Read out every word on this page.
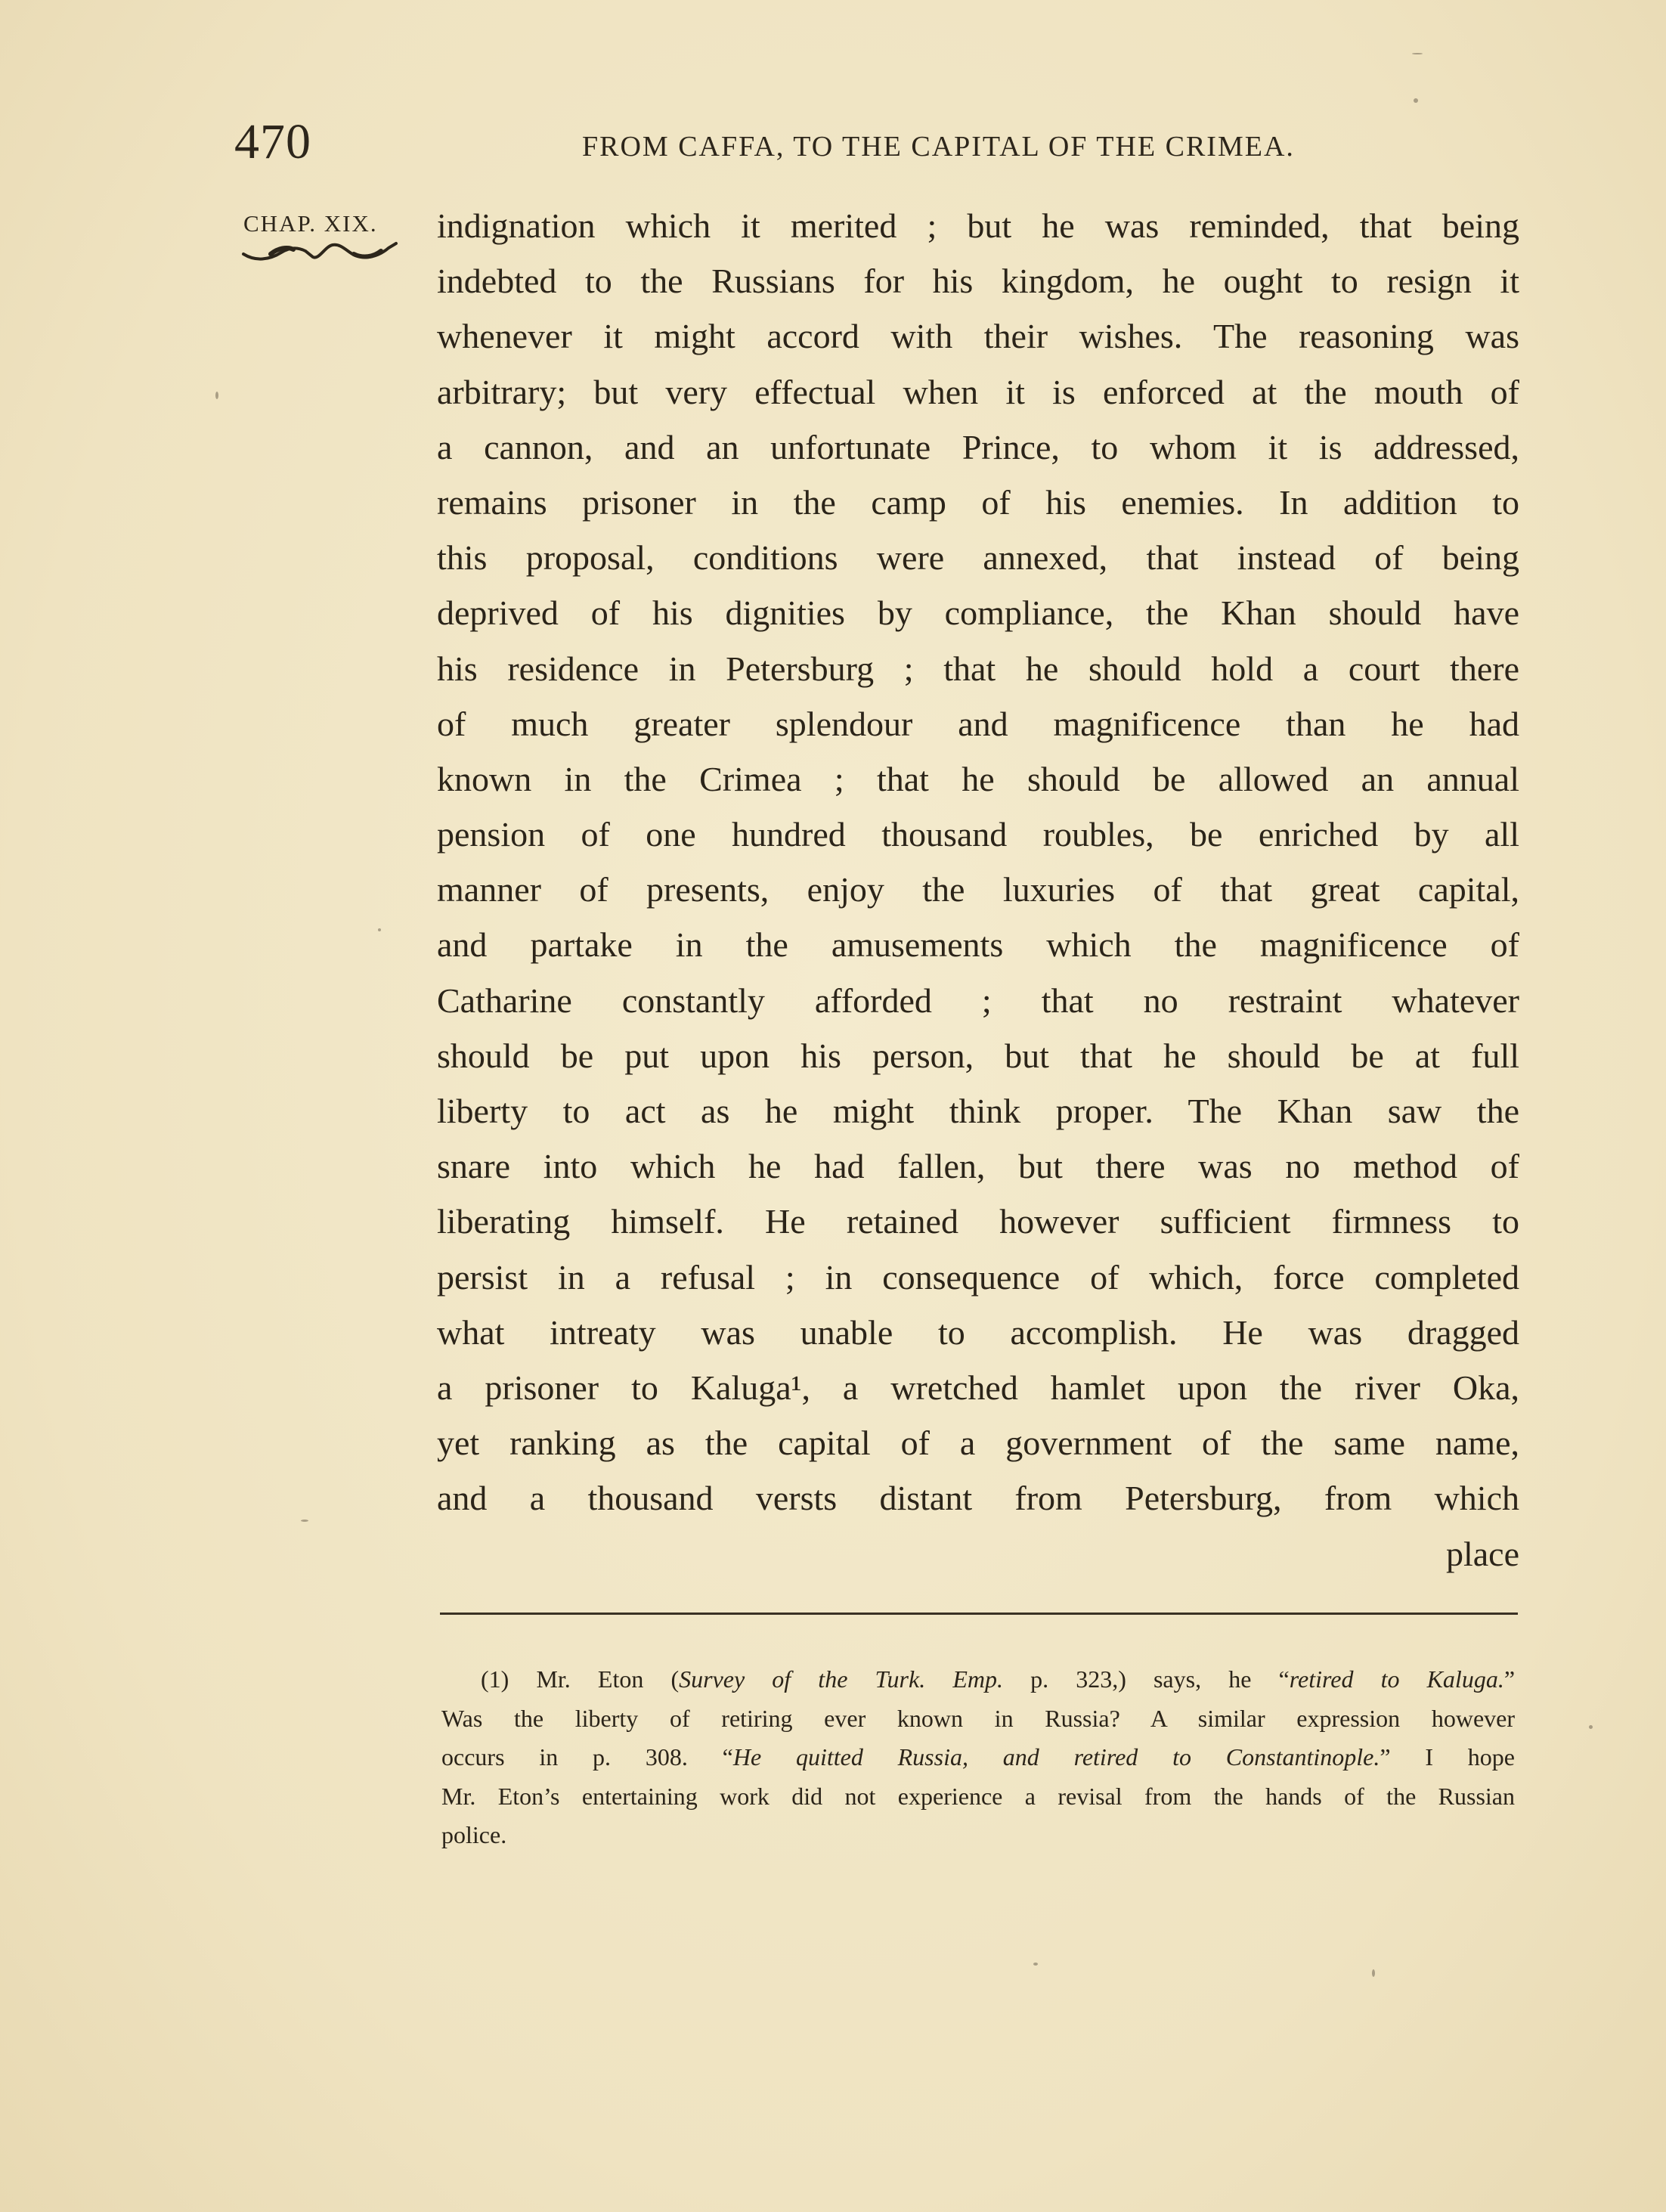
470	FROM CAFFA, TO THE CAPITAL OF THE CRIMEA.
CHAP. XIX. indignation which it merited ; but he was reminded, that being
indebted to the Russians for his kingdom, he ought to resign it
whenever it might accord with their wishes. The reasoning was
arbitrary; but very effectual when it is enforced at the mouth of
a cannon, and an unfortunate Prince, to whom it is addressed,
remains prisoner in the camp of his enemies. In addition to
this proposal, conditions were annexed, that instead of being
deprived of his dignities by compliance, the Khan should have
his residence in Petersburg ; that he should hold a court there
of much greater splendour and magnificence than he had
known in the Crimea ; that he should be allowed an annual
pension of one hundred thousand roubles, be enriched by all
manner of presents, enjoy the luxuries of that great capital,
and partake in the amusements which the magnificence of
Catharine constantly afforded ; that no restraint whatever
should be put upon his person, but that he should be at full
liberty to act as he might think proper. The Khan saw the
snare into which he had fallen, but there was no method of
liberating himself. He retained however sufficient firmness to
persist in a refusal ; in consequence of which, force completed
what intreaty was unable to accomplish. He was dragged
a prisoner to Kaluga¹, a wretched hamlet upon the river Oka,
yet ranking as the capital of a government of the same name,
and a thousand versts distant from Petersburg, from which
place
(1) Mr. Eton (Survey of the Turk. Emp. p. 323,) says, he “retired to Kaluga.”
Was the liberty of retiring ever known in Russia? A similar expression however
occurs in p. 308. “He quitted Russia, and retired to Constantinople.” I hope
Mr. Eton’s entertaining work did not experience a revisal from the hands of the Russian
police.
